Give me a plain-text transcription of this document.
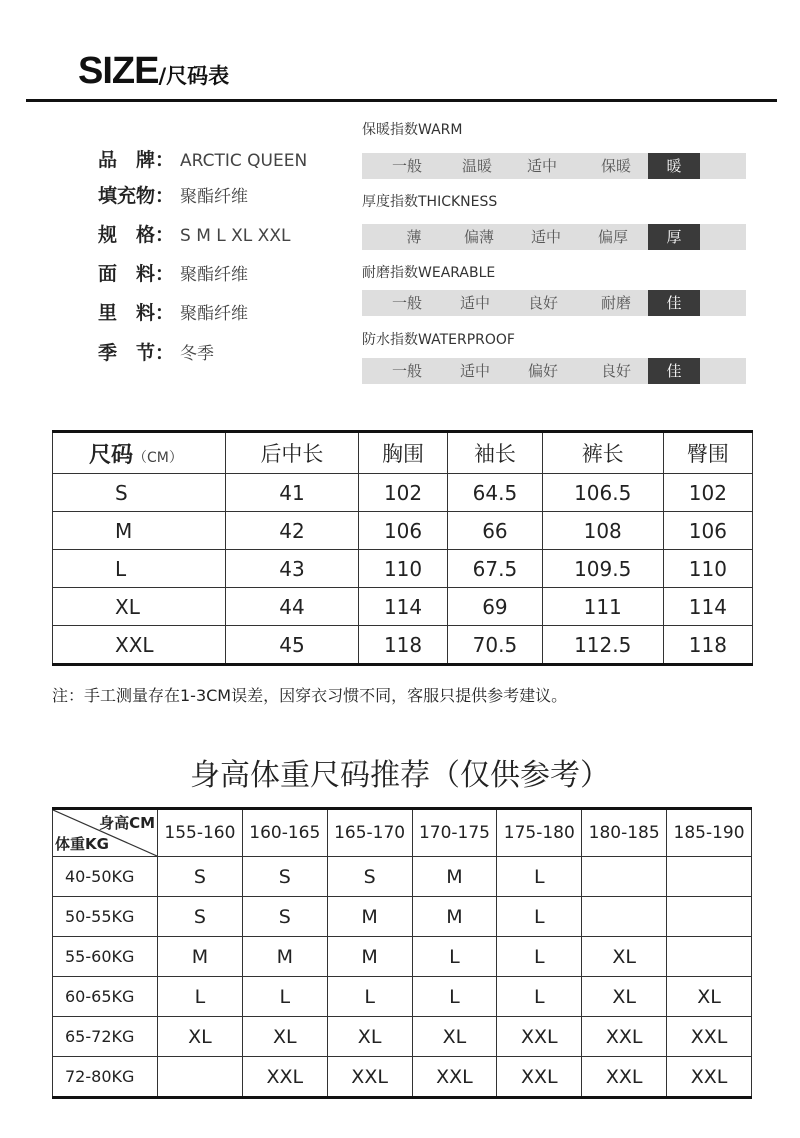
SIZE/尺码表
品　牌： ARCTIC QUEEN
填充物： 聚酯纤维
规　格： S M L XL XXL
面　料： 聚酯纤维
里　料： 聚酯纤维
季　节： 冬季
保暖指数WARM
一般	温暖	适中	保暖	暖
厚度指数THICKNESS
薄	偏薄	适中	偏厚	厚
耐磨指数WEARABLE
一般	适中	良好	耐磨	佳
防水指数WATERPROOF
一般	适中	偏好	良好	佳
尺码（CM）	后中长	胸围	袖长	裤长	臀围
S	41	102	64.5	106.5	102
M	42	106	66	108	106
L	43	110	67.5	109.5	110
XL	44	114	69	111	114
XXL	45	118	70.5	112.5	118
注：手工测量存在1-3CM误差，因穿衣习惯不同，客服只提供参考建议。
身高体重尺码推荐（仅供参考）
身高CM
体重KG	155-160	160-165	165-170	170-175	175-180	180-185	185-190
40-50KG	S	S	S	M	L		
50-55KG	S	S	M	M	L		
55-60KG	M	M	M	L	L	XL	
60-65KG	L	L	L	L	L	XL	XL
65-72KG	XL	XL	XL	XL	XXL	XXL	XXL
72-80KG		XXL	XXL	XXL	XXL	XXL	XXL
